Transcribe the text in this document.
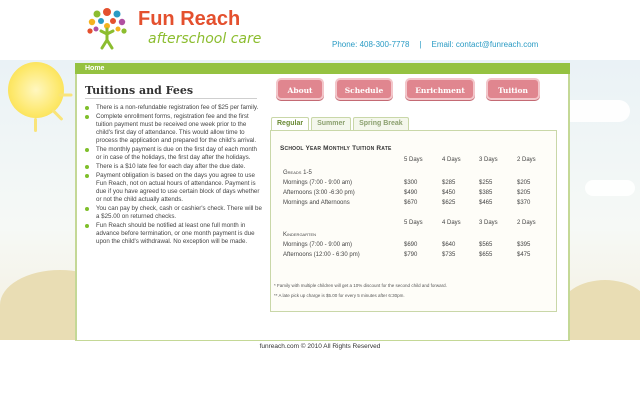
Fun Reach
afterschool care	Phone: 408-300-7778 | Email: contact@funreach.com
Home
Tuitions and Fees
There is a non-refundable registration fee of $25 per family.
Complete enrollment forms, registration fee and the first tuition payment must be received one week prior to the child's first day of attendance. This would allow time to process the application and prepared for the child's arrival.
The monthly payment is due on the first day of each month or in case of the holidays, the first day after the holidays.
There is a $10 late fee for each day after the due date.
Payment obligation is based on the days you agree to use Fun Reach, not on actual hours of attendance. Payment is due if you have agreed to use certain block of days whether or not the child actually attends.
You can pay by check, cash or cashier's check. There will be a $25.00 on returned checks.
Fun Reach should be notified at least one full month in advance before termination, or one month payment is due upon the child's withdrawal. No exception will be made.
About	Schedule	Enrichment	Tuition
Regular	Summer	Spring Break
School Year Monthly Tuition Rate
5 Days	4 Days	3 Days	2 Days
Greads 1-5
Mornings (7:00 - 9:00 am)	$300	$285	$255	$205
Afternoons (3:00 -6:30 pm)	$490	$450	$385	$205
Mornings and Afternoons	$670	$625	$465	$370
5 Days	4 Days	3 Days	2 Days
Kindergarten
Mornings (7:00 - 9:00 am)	$690	$640	$565	$395
Afternoons (12:00 - 6:30 pm)	$790	$735	$655	$475
* Family with multiple children will get a 10% discount for the second child and forward.
** A late pick up charge is $5.00 for every 5 minutes after 6:30pm.
funreach.com © 2010 All Rights Reserved
